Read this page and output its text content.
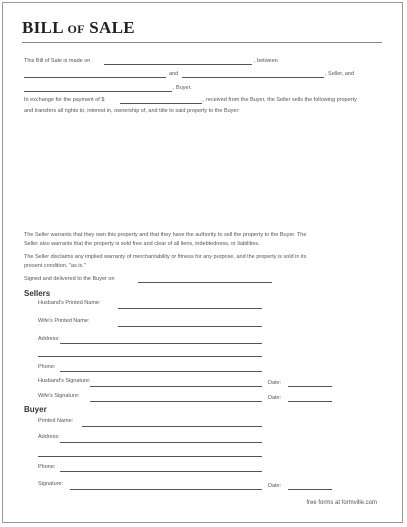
BILL OF SALE
This Bill of Sale is made on	, between
and	, Seller, and
, Buyer.
In exchange for the payment of $	, received from the Buyer, the Seller sells the following property
and transfers all rights to, interest in, ownership of, and title to said property to the Buyer:
The Seller warrants that they own this property and that they have the authority to sell the property to the Buyer. The
Seller also warrants that the property is sold free and clear of all liens, indebtedness, or liabilities.
The Seller disclaims any implied warranty of merchantability or fitness for any purpose, and the property is sold in its
present condition, "as is."
Signed and delivered to the Buyer on
Sellers
Husband's Printed Name:
Wife's Printed Name:
Address:
Phone:
Husband's Signature:	Date:
Wife's Signature:	Date:
Buyer
Printed Name:
Address:
Phone:
Signature:	Date:
free forms at formville.com
